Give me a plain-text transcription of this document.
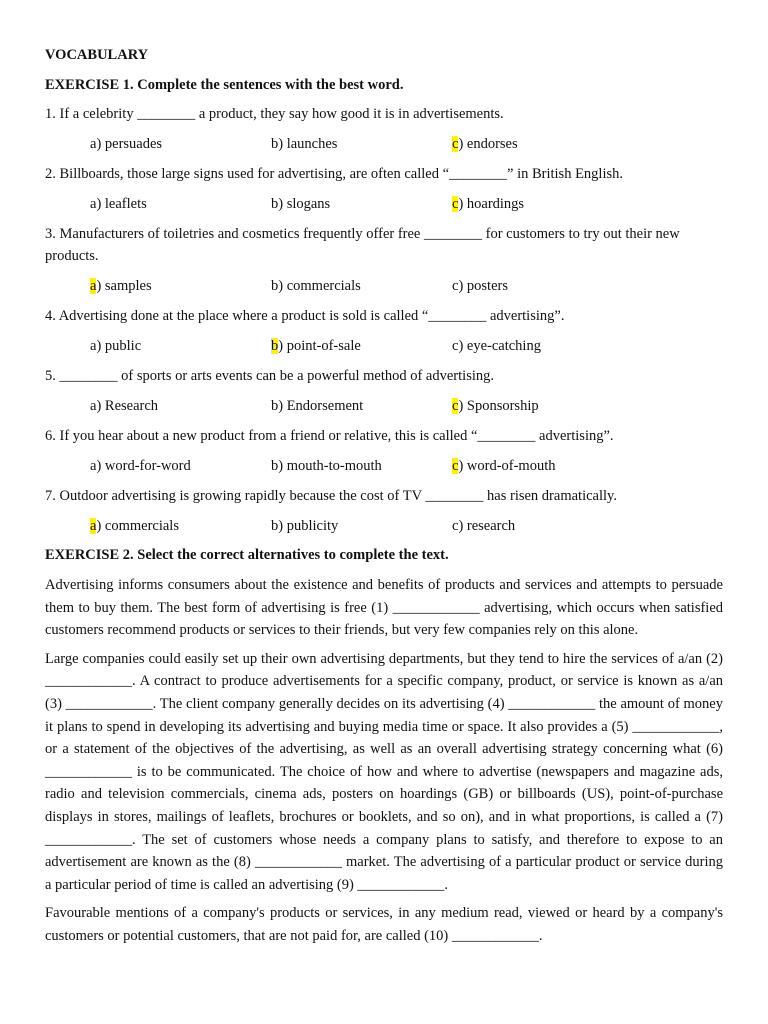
VOCABULARY
EXERCISE 1. Complete the sentences with the best word.
1. If a celebrity ________ a product, they say how good it is in advertisements.
a) persuades	b) launches	c) endorses
2. Billboards, those large signs used for advertising, are often called “________” in British English.
a) leaflets	b) slogans	c) hoardings
3. Manufacturers of toiletries and cosmetics frequently offer free ________ for customers to try out their new products.
a) samples	b) commercials	c) posters
4. Advertising done at the place where a product is sold is called “________ advertising”.
a) public	b) point-of-sale	c) eye-catching
5. ________ of sports or arts events can be a powerful method of advertising.
a) Research	b) Endorsement	c) Sponsorship
6. If you hear about a new product from a friend or relative, this is called “________ advertising”.
a) word-for-word	b) mouth-to-mouth	c) word-of-mouth
7. Outdoor advertising is growing rapidly because the cost of TV ________ has risen dramatically.
a) commercials	b) publicity	c) research
EXERCISE 2. Select the correct alternatives to complete the text.
Advertising informs consumers about the existence and benefits of products and services and attempts to persuade them to buy them. The best form of advertising is free (1) ____________ advertising, which occurs when satisfied customers recommend products or services to their friends, but very few companies rely on this alone.
Large companies could easily set up their own advertising departments, but they tend to hire the services of a/an (2) ____________. A contract to produce advertisements for a specific company, product, or service is known as a/an (3) ____________. The client company generally decides on its advertising (4) ____________ the amount of money it plans to spend in developing its advertising and buying media time or space. It also provides a (5) ____________, or a statement of the objectives of the advertising, as well as an overall advertising strategy concerning what (6) ____________ is to be communicated. The choice of how and where to advertise (newspapers and magazine ads, radio and television commercials, cinema ads, posters on hoardings (GB) or billboards (US), point-of-purchase displays in stores, mailings of leaflets, brochures or booklets, and so on), and in what proportions, is called a (7) ____________. The set of customers whose needs a company plans to satisfy, and therefore to expose to an advertisement are known as the (8) ____________ market. The advertising of a particular product or service during a particular period of time is called an advertising (9) ____________.
Favourable mentions of a company's products or services, in any medium read, viewed or heard by a company's customers or potential customers, that are not paid for, are called (10) ____________.
